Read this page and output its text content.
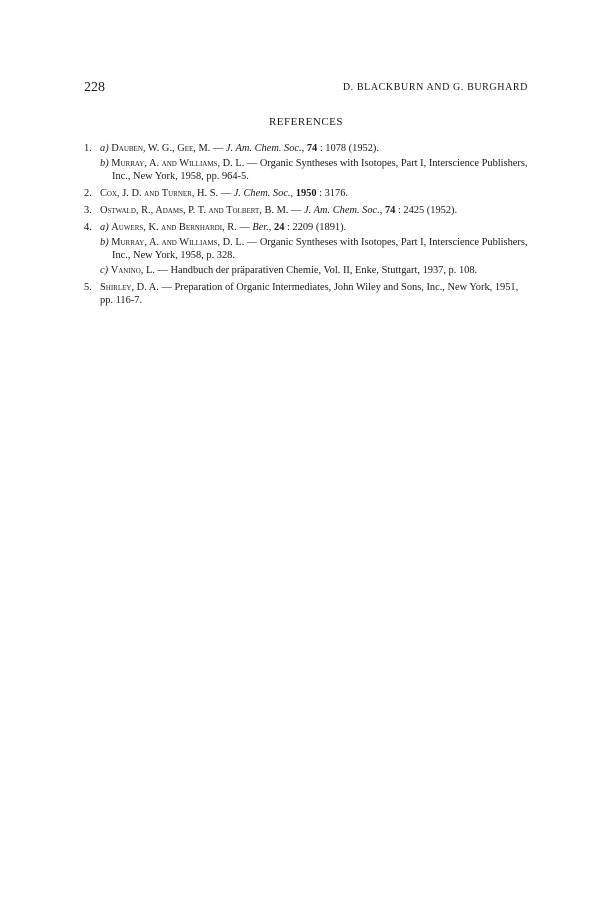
228	D. BLACKBURN AND G. BURGHARD
REFERENCES
1. a) Dauben, W. G., Gee, M. — J. Am. Chem. Soc., 74 : 1078 (1952).
b) Murray, A. and Williams, D. L. — Organic Syntheses with Isotopes, Part I, Interscience Publishers, Inc., New York, 1958, pp. 964-5.
2. Cox, J. D. and Turner, H. S. — J. Chem. Soc., 1950 : 3176.
3. Ostwald, R., Adams, P. T. and Tolbert, B. M. — J. Am. Chem. Soc., 74 : 2425 (1952).
4. a) Auwers, K. and Bernhardi, R. — Ber., 24 : 2209 (1891).
b) Murray, A. and Williams, D. L. — Organic Syntheses with Isotopes, Part I, Interscience Publishers, Inc., New York, 1958, p. 328.
c) Vanino, L. — Handbuch der präparativen Chemie, Vol. II, Enke, Stuttgart, 1937, p. 108.
5. Shirley, D. A. — Preparation of Organic Intermediates, John Wiley and Sons, Inc., New York, 1951, pp. 116-7.
